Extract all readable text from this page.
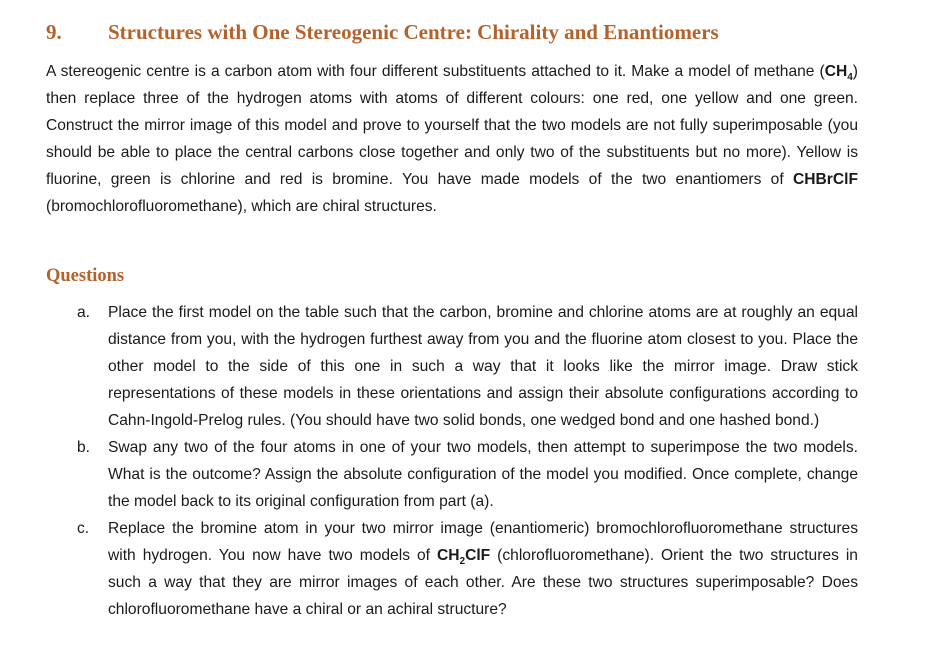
9. Structures with One Stereogenic Centre: Chirality and Enantiomers

A stereogenic centre is a carbon atom with four different substituents attached to it. Make a model of methane $(CH_4)$ then replace three of the hydrogen atoms with atoms of different colours: one red, one yellow and one green. Construct the mirror image of this model and prove to yourself that the two models are not fully superimposable (you should be able to place the central carbons close together and only two of the substituents but no more). Yellow is fluorine, green is chlorine and red is bromine. You have made models of the two enantiomers of CHBrClF (bromochlorofluoromethane), which are chiral structures.

Questions
a. Place the first model on the table such that the carbon, bromine and chlorine atoms are at roughly an equal distance from you, with the hydrogen furthest away from you and the fluorine atom closest to you. Place the other model to the side of this one in such a way that it looks like the mirror image. Draw stick representations of these models in these orientations and assign their absolute configurations according to Cahn-Ingold-Prelog rules. (You should have two solid bonds, one wedged bond and one hashed bond.)
b. Swap any two of the four atoms in one of your two models, then attempt to superimpose the two models. What is the outcome? Assign the absolute configuration of the model you modified. Once complete, change the model back to its original configuration from part (a).
c. Replace the bromine atom in your two mirror image (enantiomeric) bromochlorofluoromethane structures with hydrogen. You now have two models of $CH_2ClF$ (chlorofluoromethane). Orient the two structures in such a way that they are mirror images of each other. Are these two structures superimposable? Does chlorofluoromethane have a chiral or an achiral structure?
